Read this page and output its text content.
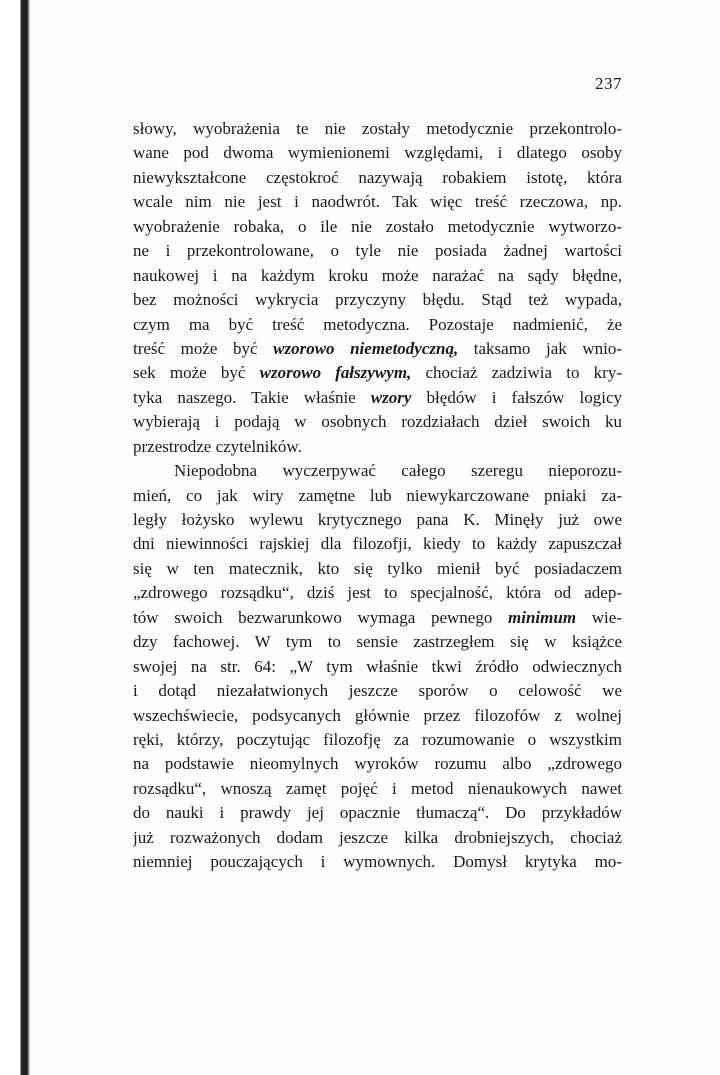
237
słowy, wyobrażenia te nie zostały metodycznie przekontrolo-
wane pod dwoma wymienionemi względami, i dlatego osoby
niewykształcone częstokroć nazywają robakiem istotę, która
wcale nim nie jest i naodwrót. Tak więc treść rzeczowa, np.
wyobrażenie robaka, o ile nie zostało metodycznie wytworzo-
ne i przekontrolowane, o tyle nie posiada żadnej wartości
naukowej i na każdym kroku może narażać na sądy błędne,
bez możności wykrycia przyczyny błędu. Stąd też wypada,
czym ma być treść metodyczna. Pozostaje nadmienić, że
treść może być wzorowo niemetodyczną, taksamo jak wnio-
sek może być wzorowo fałszywym, chociaż zadziwia to kry-
tyka naszego. Takie właśnie wzory błędów i fałszów logicy
wybierają i podają w osobnych rozdziałach dzieł swoich ku
przestrodze czytelników.
Niepodobna wyczerpywać całego szeregu nieporozu-
mień, co jak wiry zamętne lub niewykarczowane pniaki za-
legły łożysko wylewu krytycznego pana K. Minęły już owe
dni niewinności rajskiej dla filozofji, kiedy to każdy zapuszczał
się w ten matecznik, kto się tylko mienił być posiadaczem
„zdrowego rozsądku“, dziś jest to specjalność, która od adep-
tów swoich bezwarunkowo wymaga pewnego minimum wie-
dzy fachowej. W tym to sensie zastrzegłem się w książce
swojej na str. 64: „W tym właśnie tkwi źródło odwiecznych
i dotąd niezałatwionych jeszcze sporów o celowość we
wszechświecie, podsycanych głównie przez filozofów z wolnej
ręki, którzy, poczytując filozofję za rozumowanie o wszystkim
na podstawie nieomylnych wyroków rozumu albo „zdrowego
rozsądku“, wnoszą zamęt pojęć i metod nienaukowych nawet
do nauki i prawdy jej opacznie tłumaczą“. Do przykładów
już rozważonych dodam jeszcze kilka drobniejszych, chociaż
niemniej pouczających i wymownych. Domysł krytyka mo-
